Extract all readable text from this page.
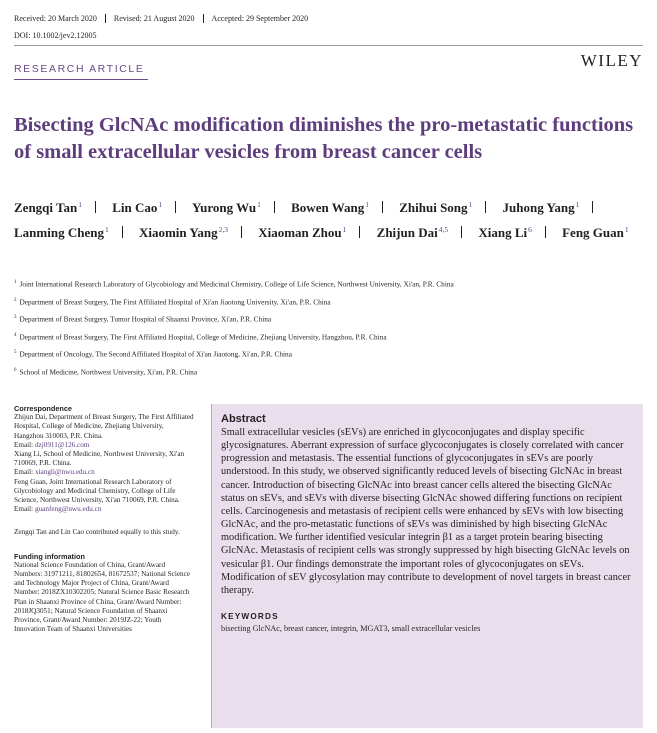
Received: 20 March 2020 Revised: 21 August 2020 Accepted: 29 September 2020
DOI: 10.1002/jev2.12005
RESEARCH ARTICLE	WILEY
Bisecting GlcNAc modification diminishes the pro-metastatic functions of small extracellular vesicles from breast cancer cells
Zengqi Tan$^1$ Lin Cao$^1$ Yurong Wu$^1$ Bowen Wang$^1$ Zhihui Song$^1$ Juhong Yang$^1$ Lanming Cheng$^1$ Xiaomin Yang$^{2,3}$ Xiaoman Zhou$^1$ Zhijun Dai$^{4,5}$ Xiang Li$^6$ Feng Guan$^1$
$^1$ Joint International Research Laboratory of Glycobiology and Medicinal Chemistry, College of Life Science, Northwest University, Xi'an, P.R. China
$^2$ Department of Breast Surgery, The First Affiliated Hospital of Xi'an Jiaotong University, Xi'an, P.R. China
$^3$ Department of Breast Surgery, Tumor Hospital of Shaanxi Province, Xi'an, P.R. China
$^4$ Department of Breast Surgery, The First Affiliated Hospital, College of Medicine, Zhejiang University, Hangzhou, P.R. China
$^5$ Department of Oncology, The Second Affiliated Hospital of Xi'an Jiaotong, Xi'an, P.R. China
$^6$ School of Medicine, Northwest University, Xi'an, P.R. China
Correspondence

Zhijun Dai, Department of Breast Surgery, The First Affiliated Hospital, College of Medicine, Zhejiang University, Hangzhou 310003, P.R. China.

Email: dzj0911@126.com

Xiang Li, School of Medicine, Northwest University, Xi'an 710069, P.R. China.

Email: xiangli@nwu.edu.cn

Feng Guan, Joint International Research Laboratory of Glycobiology and Medicinal Chemistry, College of Life Science, Northwest University, Xi'an 710069, P.R. China.

Email: guanfeng@nwu.edu.cn

Zengqi Tan and Lin Cao contributed equally to this study.

Funding information

National Science Foundation of China, Grant/Award Numbers: 31971211, 81802654, 81672537; National Science and Technology Major Project of China, Grant/Award Number: 2018ZX10302205; Natural Science Basic Research Plan in Shaanxi Province of China, Grant/Award Number: 2018JQ3051; Natural Science Foundation of Shaanxi Province, Grant/Award Number: 2019JZ-22; Youth Innovation Team of Shaanxi Universities

Abstract

Small extracellular vesicles (sEVs) are enriched in glycoconjugates and display specific glycosignatures. Aberrant expression of surface glycoconjugates is closely correlated with cancer progression and metastasis. The essential functions of glycoconjugates in sEVs are poorly understood. In this study, we observed significantly reduced levels of bisecting GlcNAc in breast cancer. Introduction of bisecting GlcNAc into breast cancer cells altered the bisecting GlcNAc status on sEVs, and sEVs with diverse bisecting GlcNAc showed differing functions on recipient cells. Carcinogenesis and metastasis of recipient cells were enhanced by sEVs with low bisecting GlcNAc, and the pro-metastatic functions of sEVs was diminished by high bisecting GlcNAc modification. We further identified vesicular integrin β1 as a target protein bearing bisecting GlcNAc. Metastasis of recipient cells was strongly suppressed by high bisecting GlcNAc levels on vesicular β1. Our findings demonstrate the important roles of glycoconjugates on sEVs. Modification of sEV glycosylation may contribute to development of novel targets in breast cancer therapy.

KEYWORDS
bisecting GlcNAc, breast cancer, integrin, MGAT3, small extracellular vesicles
